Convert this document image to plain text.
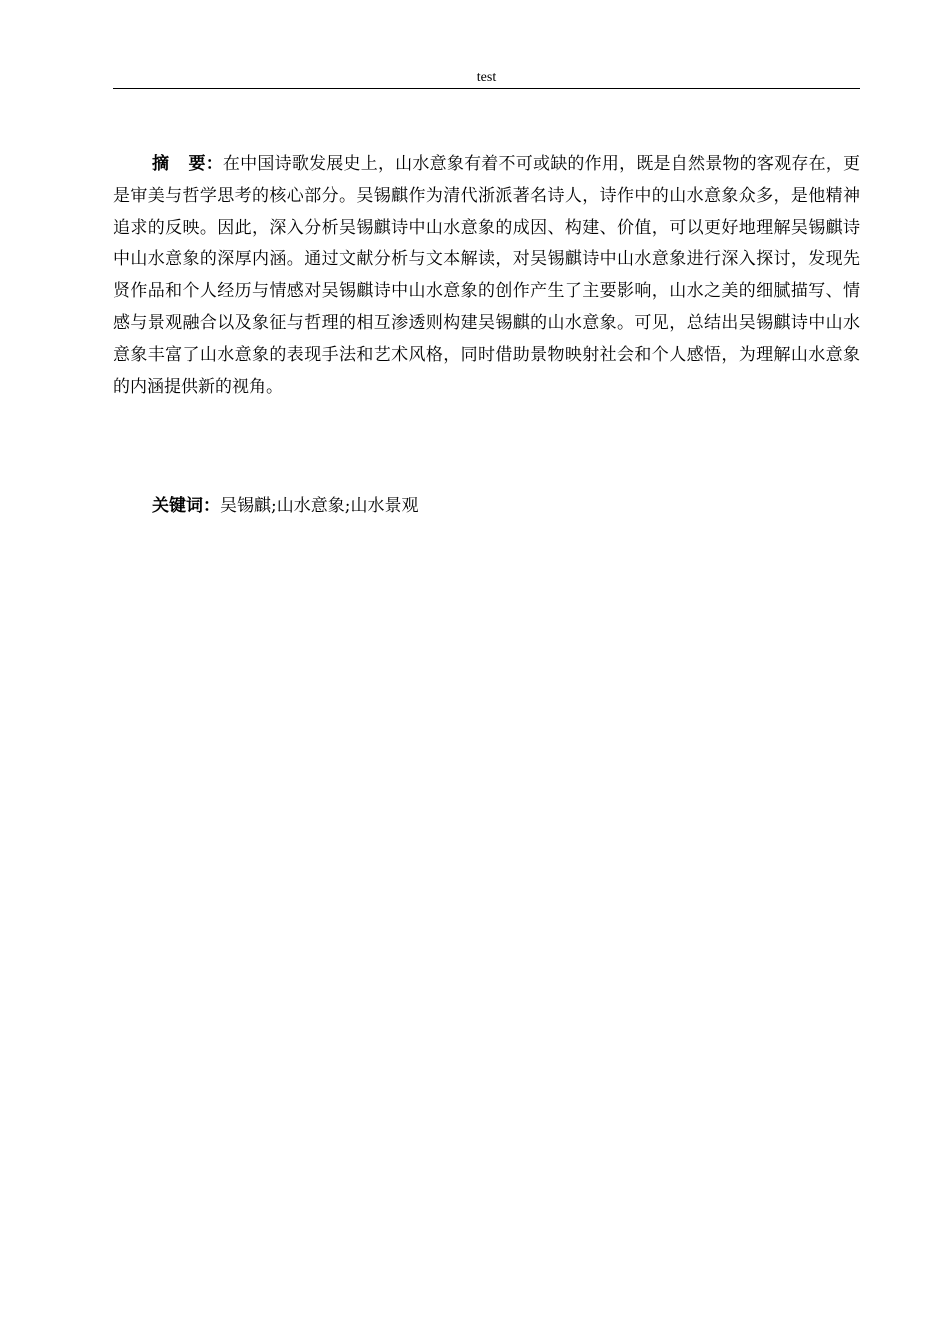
test

摘 要：在中国诗歌发展史上，山水意象有着不可或缺的作用，既是自然景物的客观存在，更是审美与哲学思考的核心部分。吴锡麒作为清代浙派著名诗人，诗作中的山水意象众多，是他精神追求的反映。因此，深入分析吴锡麒诗中山水意象的成因、构建、价值，可以更好地理解吴锡麒诗中山水意象的深厚内涵。通过文献分析与文本解读，对吴锡麒诗中山水意象进行深入探讨，发现先贤作品和个人经历与情感对吴锡麒诗中山水意象的创作产生了主要影响，山水之美的细腻描写、情感与景观融合以及象征与哲理的相互渗透则构建吴锡麒的山水意象。可见，总结出吴锡麒诗中山水意象丰富了山水意象的表现手法和艺术风格，同时借助景物映射社会和个人感悟，为理解山水意象的内涵提供新的视角。

关键词：吴锡麒;山水意象;山水景观
